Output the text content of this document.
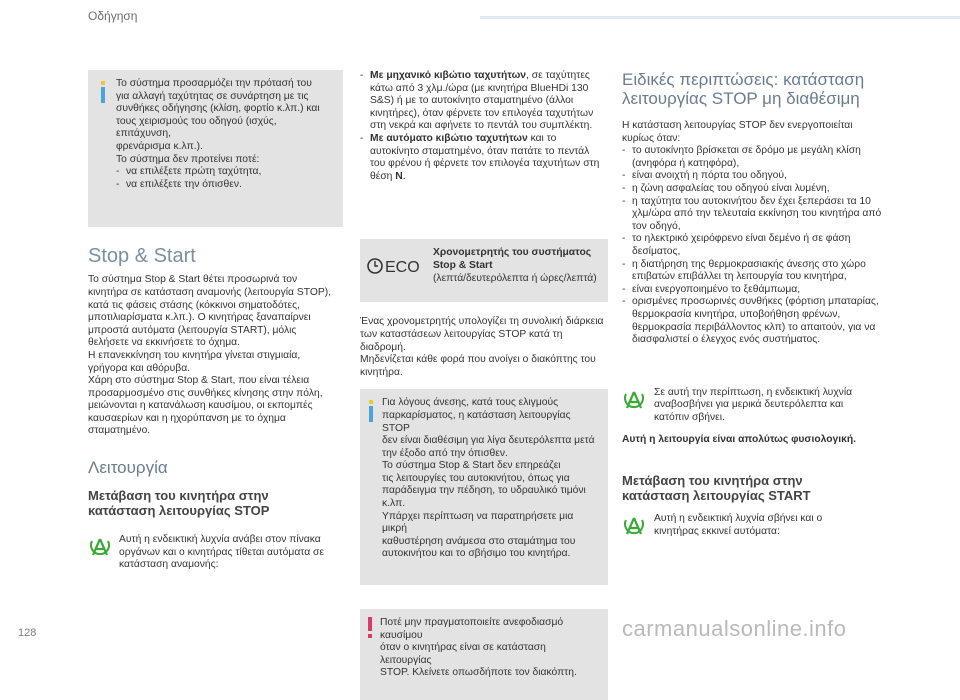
Οδήγηση
Το σύστημα προσαρμόζει την πρότασή του
για αλλαγή ταχύτητας σε συνάρτηση με τις
συνθήκες οδήγησης (κλίση, φορτίο κ.λπ.) και
τους χειρισμούς του οδηγού (ισχύς, επιτάχυνση,
φρενάρισμα κ.λπ.).
Το σύστημα δεν προτείνει ποτέ:
- να επιλέξετε πρώτη ταχύτητα,
- να επιλέξετε την όπισθεν.
Stop & Start
Το σύστημα Stop & Start θέτει προσωρινά τον
κινητήρα σε κατάσταση αναμονής (λειτουργία STOP),
κατά τις φάσεις στάσης (κόκκινοι σηματοδότες,
μποτιλιαρίσματα κ.λπ.). Ο κινητήρας ξαναπαίρνει
μπροστά αυτόματα (λειτουργία START), μόλις
θελήσετε να εκκινήσετε το όχημα.
Η επανεκκίνηση του κινητήρα γίνεται στιγμιαία,
γρήγορα και αθόρυβα.
Χάρη στο σύστημα Stop & Start, που είναι τέλεια
προσαρμοσμένο στις συνθήκες κίνησης στην πόλη,
μειώνονται η κατανάλωση καυσίμου, οι εκπομπές
καυσαερίων και η ηχορύπανση με το όχημα
σταματημένο.
Λειτουργία
Μετάβαση του κινητήρα στην κατάσταση λειτουργίας STOP
Αυτή η ενδεικτική λυχνία ανάβει στον πίνακα
οργάνων και ο κινητήρας τίθεται αυτόματα σε
κατάσταση αναμονής:
- Με μηχανικό κιβώτιο ταχυτήτων, σε ταχύτητες
κάτω από 3 χλμ./ώρα (με κινητήρα BlueHDi 130
S&S) ή με το αυτοκίνητο σταματημένο (άλλοι
κινητήρες), όταν φέρνετε τον επιλογέα ταχυτήτων
στη νεκρά και αφήνετε το πεντάλ του συμπλέκτη.
- Με αυτόματο κιβώτιο ταχυτήτων και το
αυτοκίνητο σταματημένο, όταν πατάτε το πεντάλ
του φρένου ή φέρνετε τον επιλογέα ταχυτήτων στη
θέση N.
ECO
Χρονομετρητής του συστήματος
Stop & Start
(λεπτά/δευτερόλεπτα ή ώρες/λεπτά)
Ένας χρονομετρητής υπολογίζει τη συνολική διάρκεια
των καταστάσεων λειτουργίας STOP κατά τη διαδρομή.
Μηδενίζεται κάθε φορά που ανοίγει ο διακόπτης του
κινητήρα.
Για λόγους άνεσης, κατά τους ελιγμούς
παρκαρίσματος, η κατάσταση λειτουργίας STOP
δεν είναι διαθέσιμη για λίγα δευτερόλεπτα μετά
την έξοδο από την όπισθεν.
Το σύστημα Stop & Start δεν επηρεάζει
τις λειτουργίες του αυτοκινήτου, όπως για
παράδειγμα την πέδηση, το υδραυλικό τιμόνι
κ.λπ.
Υπάρχει περίπτωση να παρατηρήσετε μια μικρή
καθυστέρηση ανάμεσα στο σταμάτημα του
αυτοκινήτου και το σβήσιμο του κινητήρα.
Ποτέ μην πραγματοποιείτε ανεφοδιασμό καυσίμου
όταν ο κινητήρας είναι σε κατάσταση λειτουργίας
STOP. Κλείνετε οπωσδήποτε τον διακόπτη.
Ειδικές περιπτώσεις: κατάσταση λειτουργίας STOP μη διαθέσιμη
Η κατάσταση λειτουργίας STOP δεν ενεργοποιείται
κυρίως όταν:
- το αυτοκίνητο βρίσκεται σε δρόμο με μεγάλη κλίση (ανηφόρα ή κατηφόρα),
- είναι ανοιχτή η πόρτα του οδηγού,
- η ζώνη ασφαλείας του οδηγού είναι λυμένη,
- η ταχύτητα του αυτοκινήτου δεν έχει ξεπεράσει τα 10 χλμ/ώρα από την τελευταία εκκίνηση του κινητήρα από τον οδηγό,
- το ηλεκτρικό χειρόφρενο είναι δεμένο ή σε φάση δεσίματος,
- η διατήρηση της θερμοκρασιακής άνεσης στο χώρο επιβατών επιβάλλει τη λειτουργία του κινητήρα,
- είναι ενεργοποιημένο το ξεθάμπωμα,
- ορισμένες προσωρινές συνθήκες (φόρτιση μπαταρίας, θερμοκρασία κινητήρα, υποβοήθηση φρένων, θερμοκρασία περιβάλλοντος κλπ) το απαιτούν, για να διασφαλιστεί ο έλεγχος ενός συστήματος.
Σε αυτή την περίπτωση, η ενδεικτική λυχνία
αναβοσβήνει για μερικά δευτερόλεπτα και
κατόπιν σβήνει.
Αυτή η λειτουργία είναι απολύτως φυσιολογική.
Μετάβαση του κινητήρα στην κατάσταση λειτουργίας START
Αυτή η ενδεικτική λυχνία σβήνει και ο
κινητήρας εκκινεί αυτόματα:
128	carmanualsonline.info
